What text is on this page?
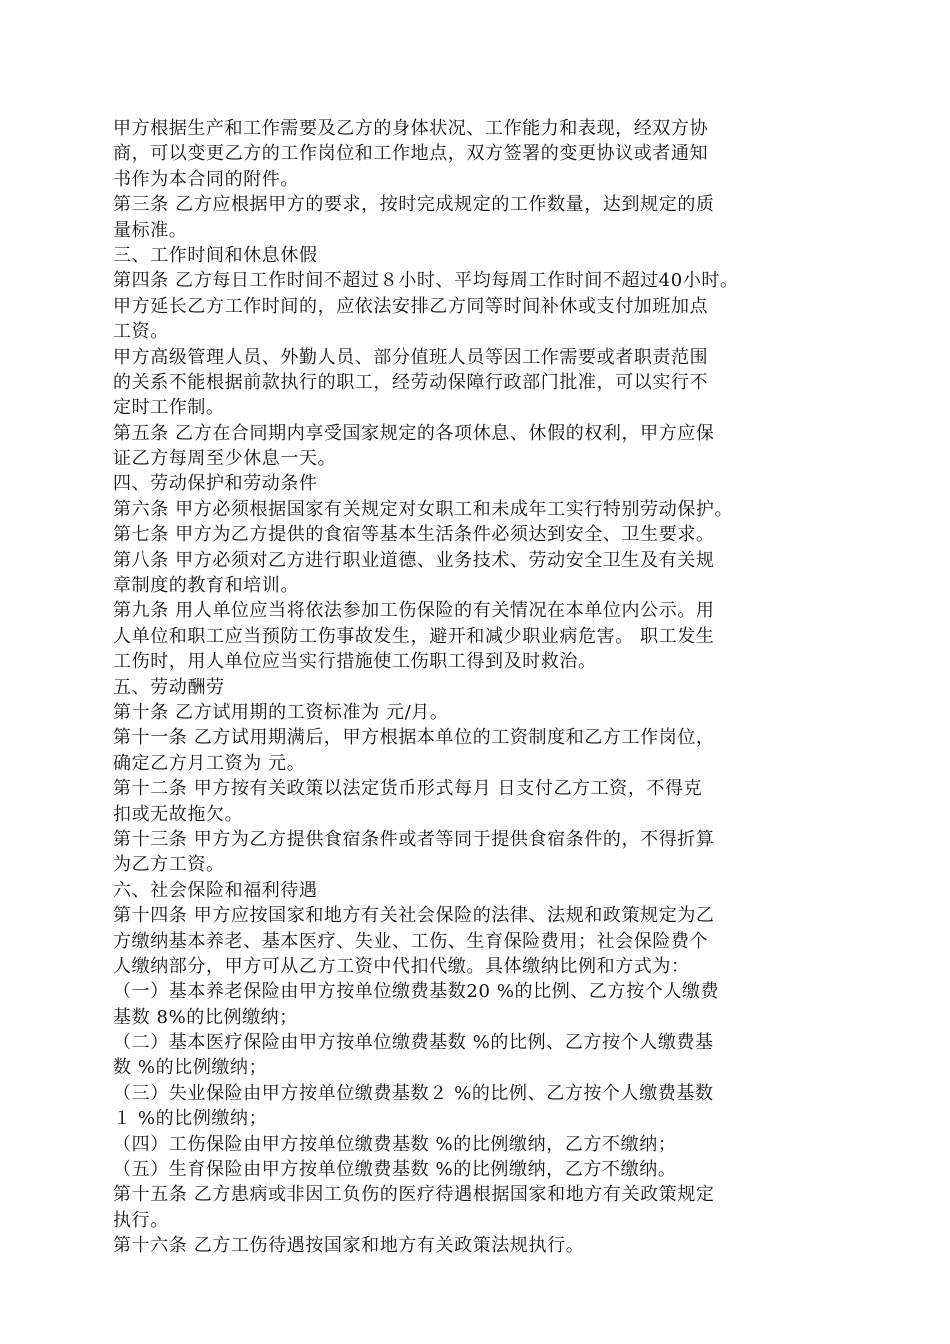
甲方根据生产和工作需要及乙方的身体状况、工作能力和表现，经双方协
商，可以变更乙方的工作岗位和工作地点，双方签署的变更协议或者通知
书作为本合同的附件。
第三条 乙方应根据甲方的要求，按时完成规定的工作数量，达到规定的质
量标准。
三、工作时间和休息休假
第四条 乙方每日工作时间不超过８小时、平均每周工作时间不超过40小时。
甲方延长乙方工作时间的，应依法安排乙方同等时间补休或支付加班加点
工资。
甲方高级管理人员、外勤人员、部分值班人员等因工作需要或者职责范围
的关系不能根据前款执行的职工，经劳动保障行政部门批准，可以实行不
定时工作制。
第五条 乙方在合同期内享受国家规定的各项休息、休假的权利，甲方应保
证乙方每周至少休息一天。
四、劳动保护和劳动条件
第六条 甲方必须根据国家有关规定对女职工和未成年工实行特别劳动保护。
第七条 甲方为乙方提供的食宿等基本生活条件必须达到安全、卫生要求。
第八条 甲方必须对乙方进行职业道德、业务技术、劳动安全卫生及有关规
章制度的教育和培训。
第九条 用人单位应当将依法参加工伤保险的有关情况在本单位内公示。用
人单位和职工应当预防工伤事故发生，避开和减少职业病危害。 职工发生
工伤时，用人单位应当实行措施使工伤职工得到及时救治。
五、劳动酬劳
第十条 乙方试用期的工资标准为 元/月。
第十一条 乙方试用期满后，甲方根据本单位的工资制度和乙方工作岗位，
确定乙方月工资为 元。
第十二条 甲方按有关政策以法定货币形式每月 日支付乙方工资，不得克
扣或无故拖欠。
第十三条 甲方为乙方提供食宿条件或者等同于提供食宿条件的，不得折算
为乙方工资。
六、社会保险和福利待遇
第十四条 甲方应按国家和地方有关社会保险的法律、法规和政策规定为乙
方缴纳基本养老、基本医疗、失业、工伤、生育保险费用；社会保险费个
人缴纳部分，甲方可从乙方工资中代扣代缴。具体缴纳比例和方式为：
（一）基本养老保险由甲方按单位缴费基数20 %的比例、乙方按个人缴费
基数 8%的比例缴纳；
（二）基本医疗保险由甲方按单位缴费基数 %的比例、乙方按个人缴费基
数 %的比例缴纳；
（三）失业保险由甲方按单位缴费基数２ %的比例、乙方按个人缴费基数
１ %的比例缴纳；
（四）工伤保险由甲方按单位缴费基数 %的比例缴纳，乙方不缴纳；
（五）生育保险由甲方按单位缴费基数 %的比例缴纳，乙方不缴纳。
第十五条 乙方患病或非因工负伤的医疗待遇根据国家和地方有关政策规定
执行。
第十六条 乙方工伤待遇按国家和地方有关政策法规执行。
